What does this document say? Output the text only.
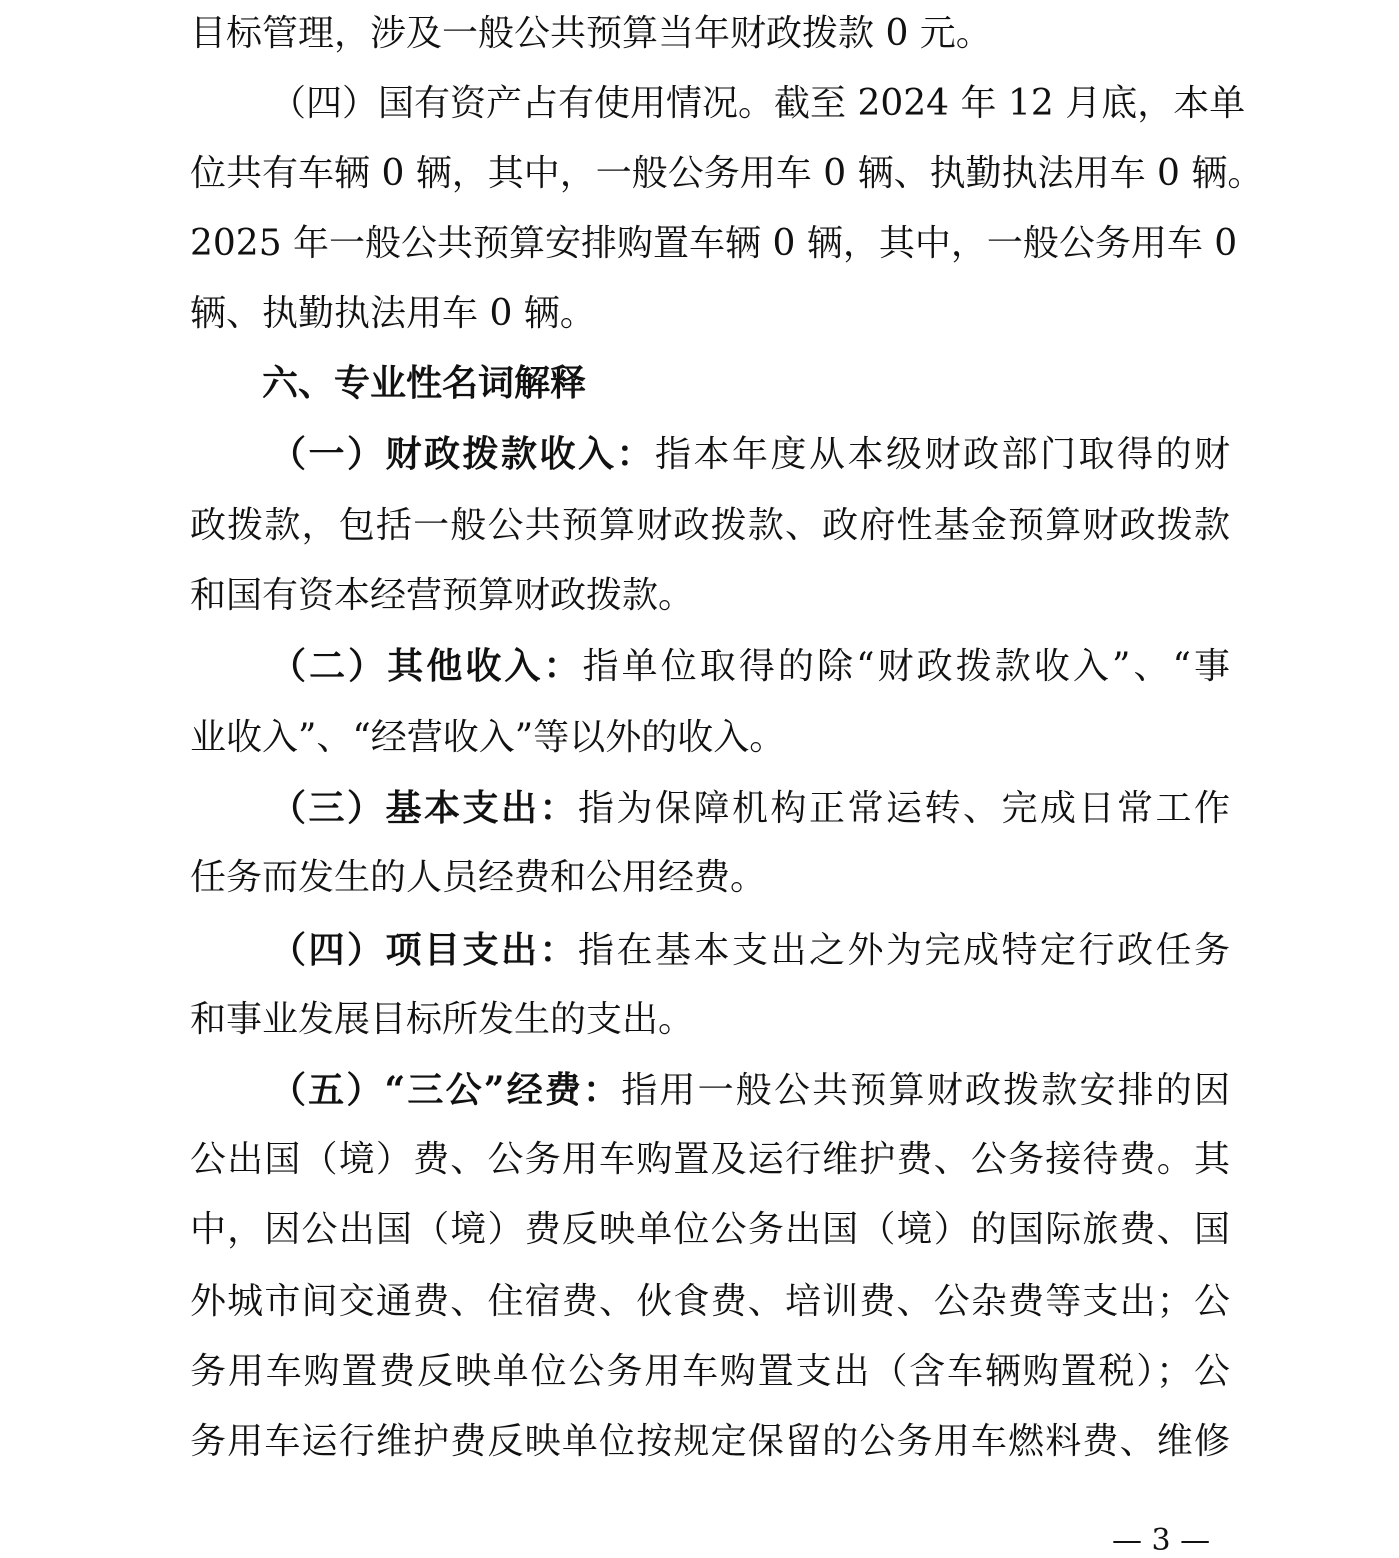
目标管理，涉及一般公共预算当年财政拨款 0 元。
（四）国有资产占有使用情况。截至 2024 年 12 月底，本单
位共有车辆 0 辆，其中，一般公务用车 0 辆、执勤执法用车 0 辆。
2025 年一般公共预算安排购置车辆 0 辆，其中，一般公务用车 0
辆、执勤执法用车 0 辆。
六、专业性名词解释
（一）财政拨款收入：指本年度从本级财政部门取得的财
政拨款，包括一般公共预算财政拨款、政府性基金预算财政拨款
和国有资本经营预算财政拨款。
（二）其他收入：指单位取得的除“财政拨款收入”、“事
业收入”、“经营收入”等以外的收入。
（三）基本支出：指为保障机构正常运转、完成日常工作
任务而发生的人员经费和公用经费。
（四）项目支出：指在基本支出之外为完成特定行政任务
和事业发展目标所发生的支出。
（五）“三公”经费：指用一般公共预算财政拨款安排的因
公出国（境）费、公务用车购置及运行维护费、公务接待费。其
中，因公出国（境）费反映单位公务出国（境）的国际旅费、国
外城市间交通费、住宿费、伙食费、培训费、公杂费等支出；公
务用车购置费反映单位公务用车购置支出（含车辆购置税）；公
务用车运行维护费反映单位按规定保留的公务用车燃料费、维修
— 3 —
